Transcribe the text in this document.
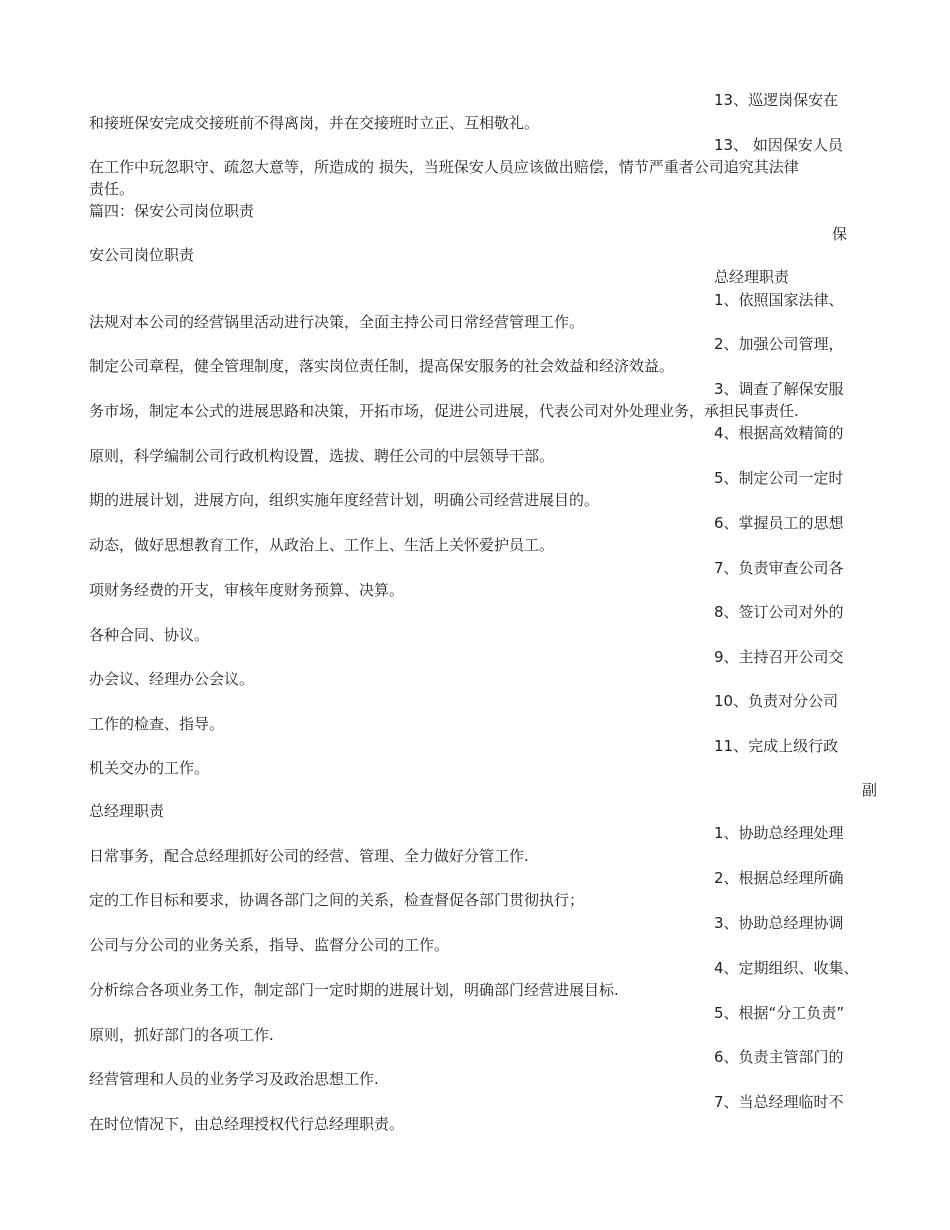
13、巡逻岗保安在

和接班保安完成交接班前不得离岗，并在交接班时立正、互相敬礼。

13、 如因保安人员

在工作中玩忽职守、疏忽大意等，所造成的 损失，当班保安人员应该做出赔偿，情节严重者公司追究其法律

责任。

篇四：保安公司岗位职责

保

安公司岗位职责

总经理职责

1、依照国家法律、

法规对本公司的经营锅里活动进行决策，全面主持公司日常经营管理工作。

2、加强公司管理，

制定公司章程，健全管理制度，落实岗位责任制，提高保安服务的社会效益和经济效益。

3、调查了解保安服

务市场，制定本公式的进展思路和决策，开拓市场，促进公司进展，代表公司对外处理业务，承担民事责任.

4、根据高效精简的

原则，科学编制公司行政机构设置，选拔、聘任公司的中层领导干部。

5、制定公司一定时

期的进展计划，进展方向，组织实施年度经营计划，明确公司经营进展目的。

6、掌握员工的思想

动态，做好思想教育工作，从政治上、工作上、生活上关怀爱护员工。

7、负责审查公司各

项财务经费的开支，审核年度财务预算、决算。

8、签订公司对外的

各种合同、协议。

9、主持召开公司交

办会议、经理办公会议。

10、负责对分公司

工作的检查、指导。

11、完成上级行政

机关交办的工作。

副

总经理职责

1、协助总经理处理

日常事务，配合总经理抓好公司的经营、管理、全力做好分管工作.

2、根据总经理所确

定的工作目标和要求，协调各部门之间的关系，检查督促各部门贯彻执行；

3、协助总经理协调

公司与分公司的业务关系，指导、监督分公司的工作。

4、定期组织、收集、

分析综合各项业务工作，制定部门一定时期的进展计划，明确部门经营进展目标.

5、根据“分工负责”

原则，抓好部门的各项工作.

6、负责主管部门的

经营管理和人员的业务学习及政治思想工作.

7、当总经理临时不

在时位情况下，由总经理授权代行总经理职责。
